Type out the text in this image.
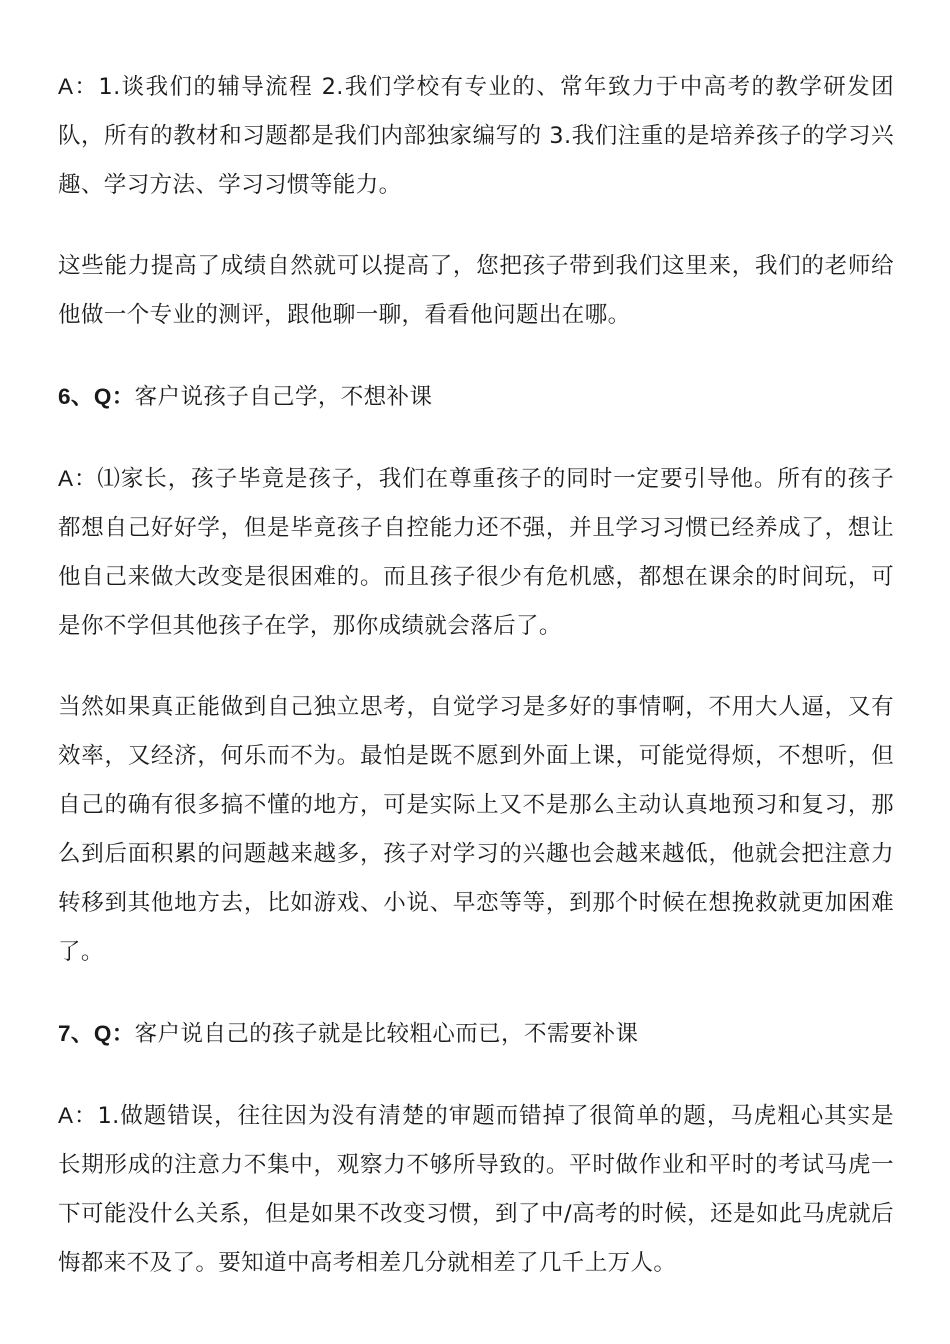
A：1.谈我们的辅导流程 2.我们学校有专业的、常年致力于中高考的教学研发团队，所有的教材和习题都是我们内部独家编写的 3.我们注重的是培养孩子的学习兴趣、学习方法、学习习惯等能力。

这些能力提高了成绩自然就可以提高了，您把孩子带到我们这里来，我们的老师给他做一个专业的测评，跟他聊一聊，看看他问题出在哪。

6、Q：客户说孩子自己学，不想补课

A：⑴家长，孩子毕竟是孩子，我们在尊重孩子的同时一定要引导他。所有的孩子都想自己好好学，但是毕竟孩子自控能力还不强，并且学习习惯已经养成了，想让他自己来做大改变是很困难的。而且孩子很少有危机感，都想在课余的时间玩，可是你不学但其他孩子在学，那你成绩就会落后了。

当然如果真正能做到自己独立思考，自觉学习是多好的事情啊，不用大人逼，又有效率，又经济，何乐而不为。最怕是既不愿到外面上课，可能觉得烦，不想听，但自己的确有很多搞不懂的地方，可是实际上又不是那么主动认真地预习和复习，那么到后面积累的问题越来越多，孩子对学习的兴趣也会越来越低，他就会把注意力转移到其他地方去，比如游戏、小说、早恋等等，到那个时候在想挽救就更加困难了。

7、Q：客户说自己的孩子就是比较粗心而已，不需要补课

A：1.做题错误，往往因为没有清楚的审题而错掉了很简单的题，马虎粗心其实是长期形成的注意力不集中，观察力不够所导致的。平时做作业和平时的考试马虎一下可能没什么关系，但是如果不改变习惯，到了中/高考的时候，还是如此马虎就后悔都来不及了。要知道中高考相差几分就相差了几千上万人。
